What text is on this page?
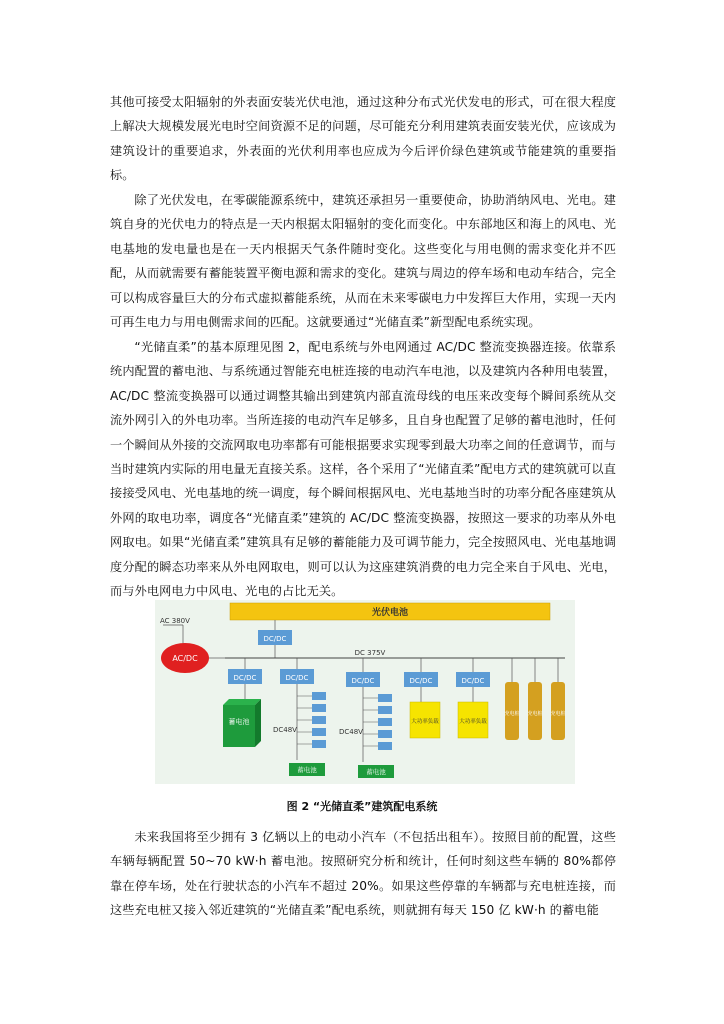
其他可接受太阳辐射的外表面安装光伏电池，通过这种分布式光伏发电的形式，可在很大程度上解决大规模发展光电时空间资源不足的问题，尽可能充分利用建筑表面安装光伏，应该成为建筑设计的重要追求，外表面的光伏利用率也应成为今后评价绿色建筑或节能建筑的重要指标。

除了光伏发电，在零碳能源系统中，建筑还承担另一重要使命，协助消纳风电、光电。建筑自身的光伏电力的特点是一天内根据太阳辐射的变化而变化。中东部地区和海上的风电、光电基地的发电量也是在一天内根据天气条件随时变化。这些变化与用电侧的需求变化并不匹配，从而就需要有蓄能装置平衡电源和需求的变化。建筑与周边的停车场和电动车结合，完全可以构成容量巨大的分布式虚拟蓄能系统，从而在未来零碳电力中发挥巨大作用，实现一天内可再生电力与用电侧需求间的匹配。这就要通过“光储直柔”新型配电系统实现。

“光储直柔”的基本原理见图 2，配电系统与外电网通过 AC/DC 整流变换器连接。依靠系统内配置的蓄电池、与系统通过智能充电桩连接的电动汽车电池，以及建筑内各种用电装置，AC/DC 整流变换器可以通过调整其输出到建筑内部直流母线的电压来改变每个瞬间系统从交流外网引入的外电功率。当所连接的电动汽车足够多，且自身也配置了足够的蓄电池时，任何一个瞬间从外接的交流网取电功率都有可能根据要求实现零到最大功率之间的任意调节，而与当时建筑内实际的用电量无直接关系。这样，各个采用了“光储直柔”配电方式的建筑就可以直接接受风电、光电基地的统一调度，每个瞬间根据风电、光电基地当时的功率分配各座建筑从外网的取电功率，调度各“光储直柔”建筑的 AC/DC 整流变换器，按照这一要求的功率从外电网取电。如果“光储直柔”建筑具有足够的蓄能能力及可调节能力，完全按照风电、光电基地调度分配的瞬态功率来从外电网取电，则可以认为这座建筑消费的电力完全来自于风电、光电，而与外电网电力中风电、光电的占比无关。

光伏电池
AC 380V
AC/DC
DC/DC
DC 375V
DC/DC
蓄电池
DC/DC
DC48V
蓄电池
DC/DC
DC48V
蓄电池
DC/DC
大功率负载
DC/DC
大功率负载
充电桩 充电桩 充电桩
图 2 “光储直柔”建筑配电系统

未来我国将至少拥有 3 亿辆以上的电动小汽车（不包括出租车）。按照目前的配置，这些车辆每辆配置 50~70 kW·h 蓄电池。按照研究分析和统计，任何时刻这些车辆的 80%都停靠在停车场，处在行驶状态的小汽车不超过 20%。如果这些停靠的车辆都与充电桩连接，而这些充电桩又接入邻近建筑的“光储直柔”配电系统，则就拥有每天 150 亿 kW·h 的蓄电能
